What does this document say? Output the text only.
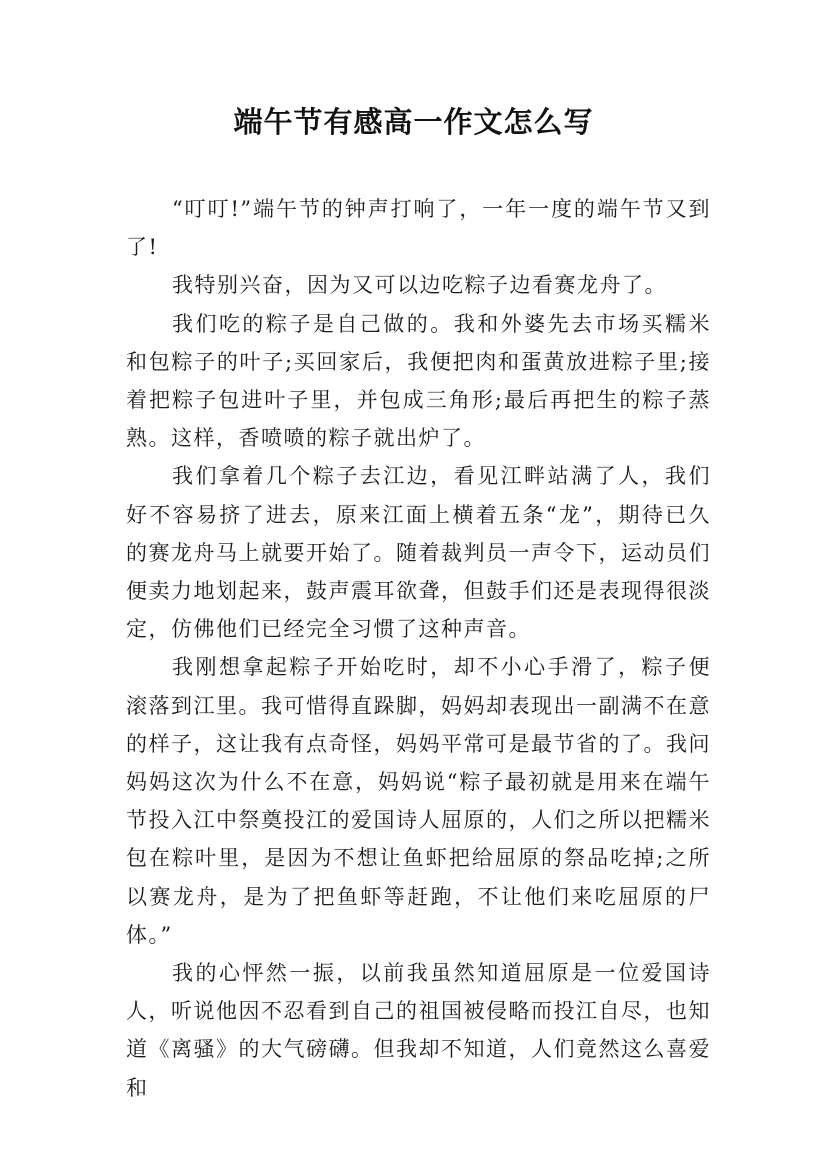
端午节有感高一作文怎么写

“叮叮!”端午节的钟声打响了，一年一度的端午节又到了!

我特别兴奋，因为又可以边吃粽子边看赛龙舟了。

我们吃的粽子是自己做的。我和外婆先去市场买糯米和包粽子的叶子;买回家后，我便把肉和蛋黄放进粽子里;接着把粽子包进叶子里，并包成三角形;最后再把生的粽子蒸熟。这样，香喷喷的粽子就出炉了。

我们拿着几个粽子去江边，看见江畔站满了人，我们好不容易挤了进去，原来江面上横着五条“龙”，期待已久的赛龙舟马上就要开始了。随着裁判员一声令下，运动员们便卖力地划起来，鼓声震耳欲聋，但鼓手们还是表现得很淡定，仿佛他们已经完全习惯了这种声音。

我刚想拿起粽子开始吃时，却不小心手滑了，粽子便滚落到江里。我可惜得直跺脚，妈妈却表现出一副满不在意的样子，这让我有点奇怪，妈妈平常可是最节省的了。我问妈妈这次为什么不在意，妈妈说“粽子最初就是用来在端午节投入江中祭奠投江的爱国诗人屈原的，人们之所以把糯米包在粽叶里，是因为不想让鱼虾把给屈原的祭品吃掉;之所以赛龙舟，是为了把鱼虾等赶跑，不让他们来吃屈原的尸体。”

我的心怦然一振，以前我虽然知道屈原是一位爱国诗人，听说他因不忍看到自己的祖国被侵略而投江自尽，也知道《离骚》的大气磅礴。但我却不知道，人们竟然这么喜爱和
